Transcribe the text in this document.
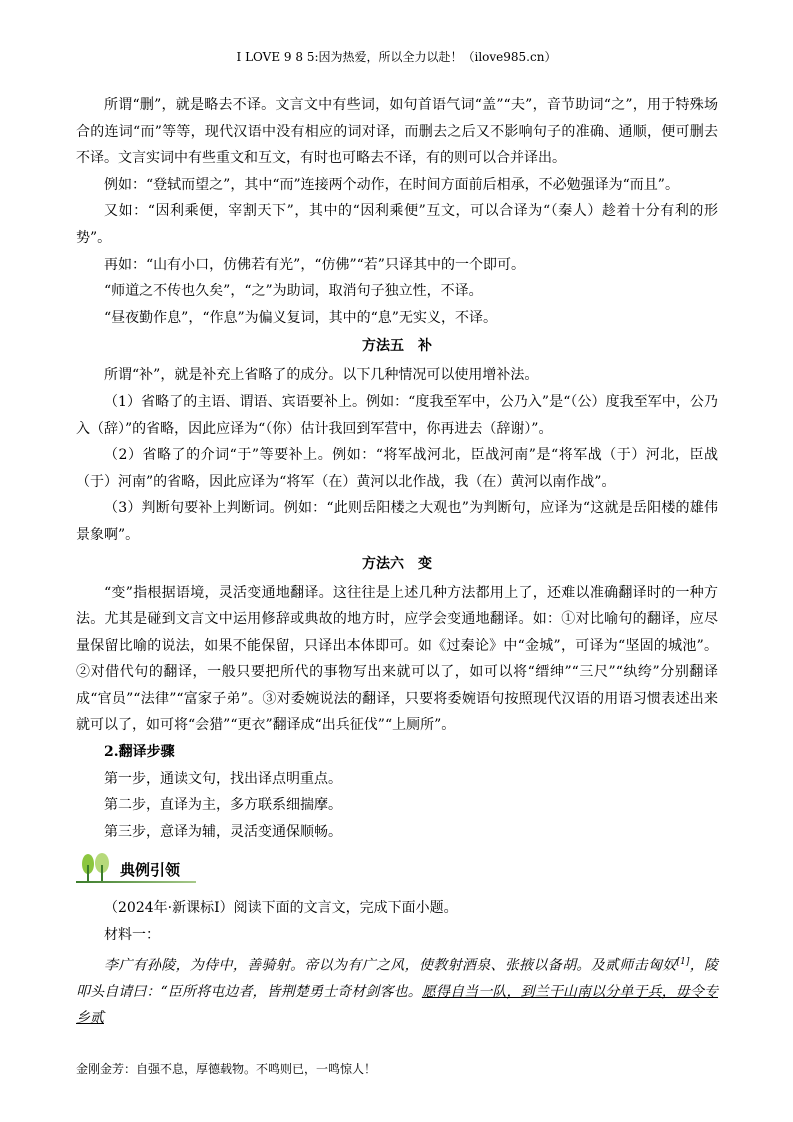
I LOVE 9 8 5:因为热爱，所以全力以赴！（ilove985.cn）

所谓“删”，就是略去不译。文言文中有些词，如句首语气词“盖”“夫”，音节助词“之”，用于特殊场合的连词“而”等等，现代汉语中没有相应的词对译，而删去之后又不影响句子的准确、通顺，便可删去不译。文言实词中有些重文和互文，有时也可略去不译，有的则可以合并译出。

例如：“登轼而望之”，其中“而”连接两个动作，在时间方面前后相承，不必勉强译为“而且”。

又如：“因利乘便，宰割天下”，其中的“因利乘便”互文，可以合译为“（秦人）趁着十分有利的形势”。

再如：“山有小口，仿佛若有光”，“仿佛”“若”只译其中的一个即可。

“师道之不传也久矣”，“之”为助词，取消句子独立性，不译。

“昼夜勤作息”，“作息”为偏义复词，其中的“息”无实义，不译。

方法五 补

所谓“补”，就是补充上省略了的成分。以下几种情况可以使用增补法。

（1）省略了的主语、谓语、宾语要补上。例如：“度我至军中，公乃入”是“（公）度我至军中，公乃入（辞）”的省略，因此应译为“（你）估计我回到军营中，你再进去（辞谢）”。

（2）省略了的介词“于”等要补上。例如：“将军战河北，臣战河南”是“将军战（于）河北，臣战（于）河南”的省略，因此应译为“将军（在）黄河以北作战，我（在）黄河以南作战”。

（3）判断句要补上判断词。例如：“此则岳阳楼之大观也”为判断句，应译为“这就是岳阳楼的雄伟景象啊”。

方法六 变

“变”指根据语境，灵活变通地翻译。这往往是上述几种方法都用上了，还难以准确翻译时的一种方法。尤其是碰到文言文中运用修辞或典故的地方时，应学会变通地翻译。如：①对比喻句的翻译，应尽量保留比喻的说法，如果不能保留，只译出本体即可。如《过秦论》中“金城”，可译为“坚固的城池”。②对借代句的翻译，一般只要把所代的事物写出来就可以了，如可以将“缙绅”“三尺”“纨绔”分别翻译成“官员”“法律”“富家子弟”。③对委婉说法的翻译，只要将委婉语句按照现代汉语的用语习惯表述出来就可以了，如可将“会猎”“更衣”翻译成“出兵征伐”“上厕所”。

2.翻译步骤

第一步，通读文句，找出译点明重点。

第二步，直译为主，多方联系细揣摩。

第三步，意译为辅，灵活变通保顺畅。

典例引领

（2024年·新课标Ⅰ）阅读下面的文言文，完成下面小题。

材料一：

李广有孙陵，为侍中，善骑射。帝以为有广之风，使教射酒泉、张掖以备胡。及贰师击匈奴[1]，陵叩头自请曰：“臣所将屯边者，皆荆楚勇士奇材剑客也。愿得自当一队，到兰干山南以分单于兵，毋令专乡贰

金刚金芳：自强不息，厚德载物。不鸣则已，一鸣惊人！
